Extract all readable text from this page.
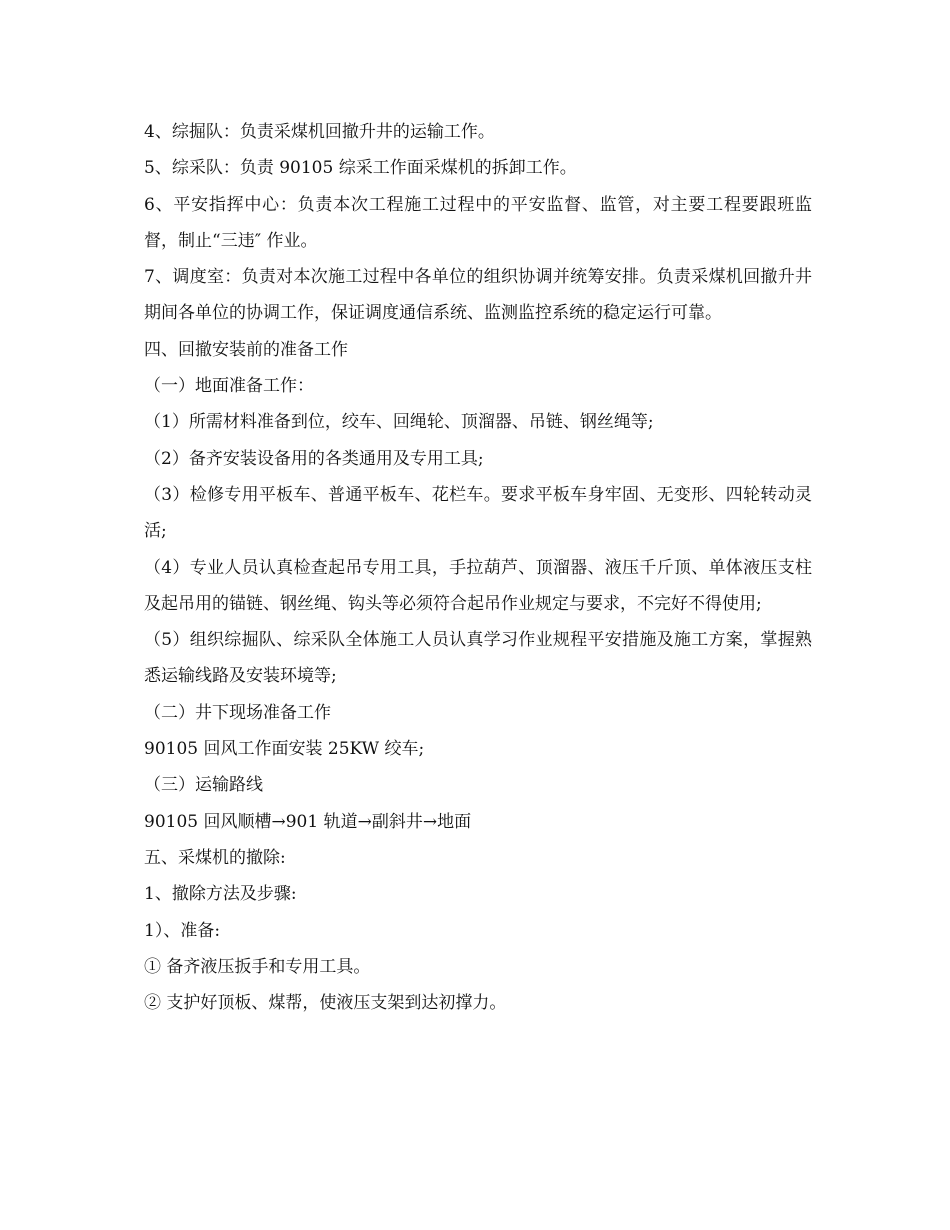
4、综掘队：负责采煤机回撤升井的运输工作。

5、综采队：负责 90105 综采工作面采煤机的拆卸工作。

6、平安指挥中心：负责本次工程施工过程中的平安监督、监管，对主要工程要跟班监督，制止“三违″ 作业。

7、调度室：负责对本次施工过程中各单位的组织协调并统筹安排。负责采煤机回撤升井期间各单位的协调工作，保证调度通信系统、监测监控系统的稳定运行可靠。

四、回撤安装前的准备工作

（一）地面准备工作：

（1）所需材料准备到位，绞车、回绳轮、顶溜器、吊链、钢丝绳等;

（2）备齐安装设备用的各类通用及专用工具;

（3）检修专用平板车、普通平板车、花栏车。要求平板车身牢固、无变形、四轮转动灵活;

（4）专业人员认真检查起吊专用工具，手拉葫芦、顶溜器、液压千斤顶、单体液压支柱及起吊用的锚链、钢丝绳、钩头等必须符合起吊作业规定与要求，不完好不得使用;

（5）组织综掘队、综采队全体施工人员认真学习作业规程平安措施及施工方案，掌握熟悉运输线路及安装环境等;

（二）井下现场准备工作

90105 回风工作面安装 25KW 绞车;

（三）运输路线

90105 回风顺槽→901 轨道→副斜井→地面

五、采煤机的撤除:

1、撤除方法及步骤:

1）、准备:

① 备齐液压扳手和专用工具。

② 支护好顶板、煤帮，使液压支架到达初撑力。
